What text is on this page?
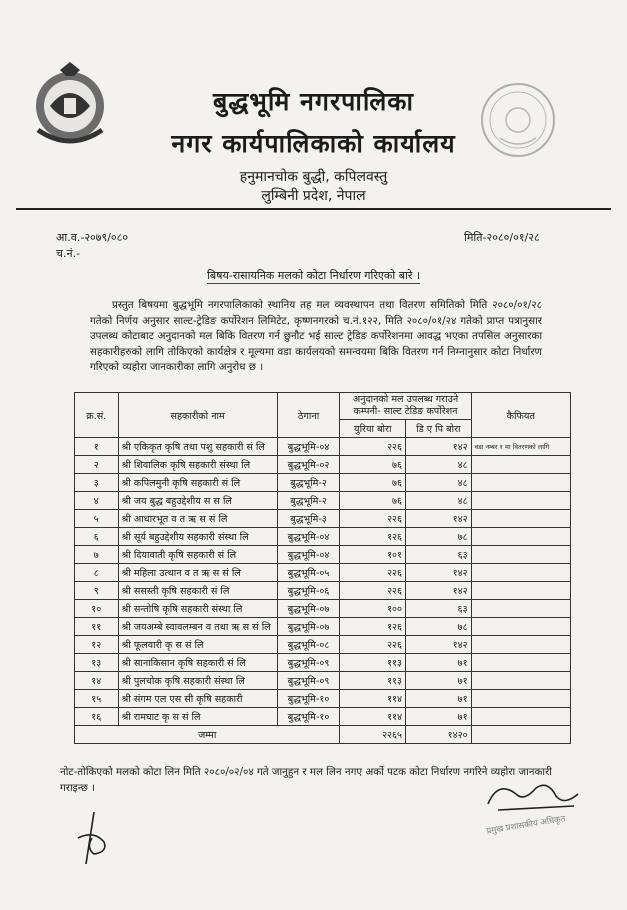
बुद्धभूमि नगरपालिका
नगर कार्यपालिकाको कार्यालय
हनुमानचोक बुद्धी, कपिलवस्तु
लुम्बिनी प्रदेश, नेपाल
आ.व.-२०७९/०८०
च.नं.-
मिति-२०८०/०१/२८
बिषय-रासायनिक मलको कोटा निर्धारण गरिएको बारे ।
प्रस्तुत बिषयमा बुद्धभूमि नगरपालिकाको स्थानिय तह मल व्यवस्थापन तथा वितरण समितिको मिति २०८०/०१/२८ गतेको निर्णय अनुसार साल्ट-ट्रेडिङ कर्पोरेशन लिमिटेट, कृष्णनगरको च.नं.१२२, मिति २०८०/०१/२४ गतेको प्राप्त पत्रानुसार उपलब्ध कोटाबाट अनुदानको मल बिकि वितरण गर्न छुनौट भई साल्ट ट्रेडिङ कर्पोरेशनमा आवद्ध भएका तपसिल अनुसारका सहकारीहरुको लागि तोकिएको कार्यक्षेत्र र मूल्यमा वडा कार्यलयको समन्वयमा बिकि वितरण गर्न निम्नानुसार कोटा निर्धारण गरिएको व्यहोरा जानकारीका लागि अनुरोध छ ।
क्र.सं.	सहकारीको नाम	ठेगाना	अनुदानको मल उपलब्ध गराउने कम्पनी- साल्ट टेडिङ कर्पोरेशन		कैफियत
			युरिया बोरा	डि ए पि बोरा	
१	श्री एकिकृत कृषि तथा पशु सहकारी सं लि	बुद्धभूमि-०४	२२६	१४२	वडा नम्बर १ मा वितरणको लागि
२	श्री शिवालिक कृषि सहकारी संस्था लि	बुद्धभूमि-०२	७६	४८	
३	श्री कपिलमुनी कृषि सहकारी सं लि	बुद्धभूमि-२	७६	४८	
४	श्री जय बुद्ध बहुउद्देशीय स स लि	बुद्धभूमि-२	७६	४८	
५	श्री आधारभूत व त ऋ स सं लि	बुद्धभूमि-३	२२६	१४२	
६	श्री सूर्य बहुउद्देशीय सहकारी संस्था लि	बुद्धभूमि-०४	१२६	७८	
७	श्री दियावाती कृषि सहकारी सं लि	बुद्धभूमि-०४	१०१	६३	
८	श्री महिला उत्थान व त ऋ स सं लि	बुद्धभूमि-०५	२२६	१४२	
९	श्री ससस्ती कृषि सहकारी सं लि	बुद्धभूमि-०६	२२६	१४२	
१०	श्री सन्तोषि कृषि सहकारी संस्था लि	बुद्धभूमि-०७	१००	६३	
११	श्री जयअम्बे स्वावलम्बन व तथा ऋ स सं लि	बुद्धभूमि-०७	१२६	७८	
१२	श्री फूलवारी कृ स सं लि	बुद्धभूमि-०८	२२६	१४२	
१३	श्री सानाकिसान कृषि सहकारी सं लि	बुद्धभूमि-०९	११३	७१	
१४	श्री पुलचोक कृषि सहकारी संस्था लि	बुद्धभूमि-०९	११३	७१	
१५	श्री संगम एल एस सी कृषि सहकारी	बुद्धभूमि-१०	११४	७१	
१६	श्री रामघाट कृ स सं लि	बुद्धभूमि-१०	११४	७१	
जम्मा			२२६५	१४२०	
नोट-तोकिएको मलको कोटा लिन मिति २०८०/०२/०४ गते जानुहुन र मल लिन नगए अर्को पटक कोटा निर्धारण नगरिने व्यहोरा जानकारी गराइन्छ ।
प्रमुख प्रशासकीय अधिकृत
